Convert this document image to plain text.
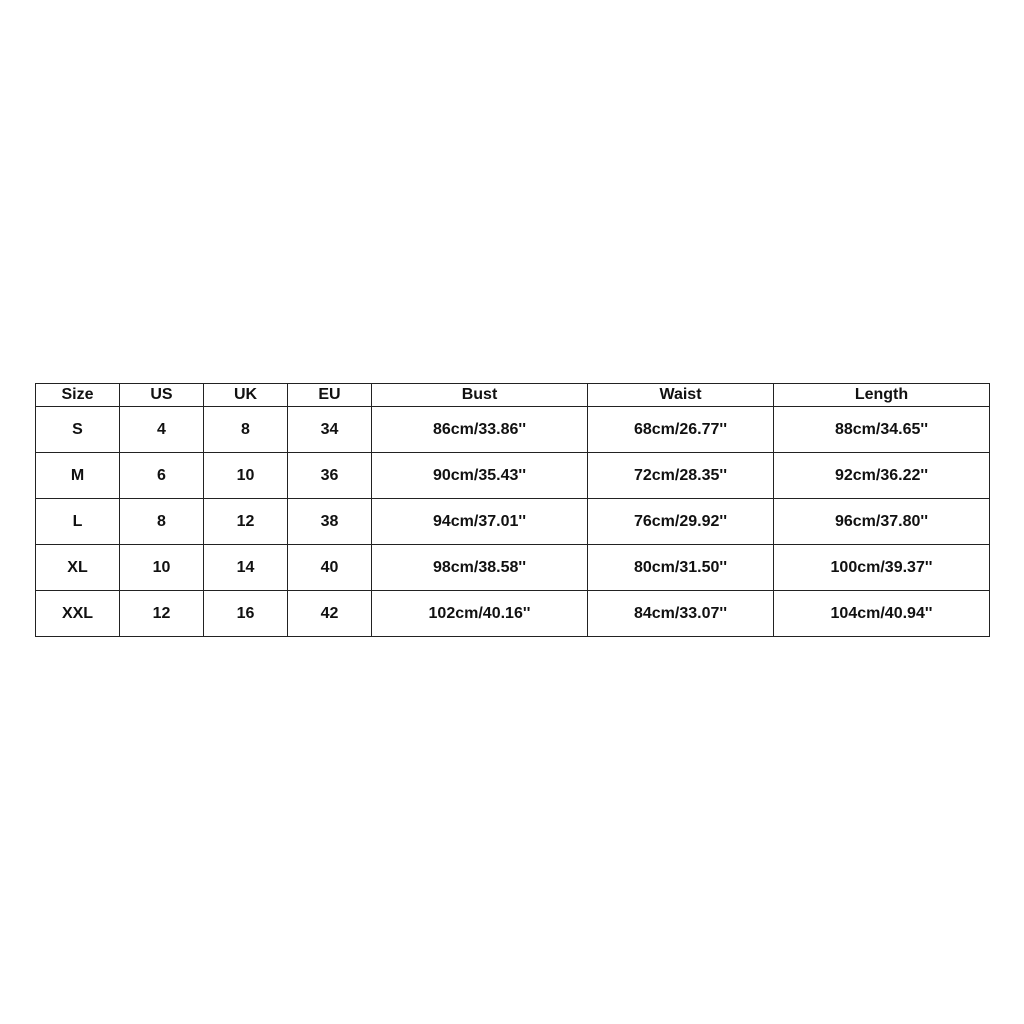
Size	US	UK	EU	Bust	Waist	Length
S	4	8	34	86cm/33.86''	68cm/26.77''	88cm/34.65''
M	6	10	36	90cm/35.43''	72cm/28.35''	92cm/36.22''
L	8	12	38	94cm/37.01''	76cm/29.92''	96cm/37.80''
XL	10	14	40	98cm/38.58''	80cm/31.50''	100cm/39.37''
XXL	12	16	42	102cm/40.16''	84cm/33.07''	104cm/40.94''
